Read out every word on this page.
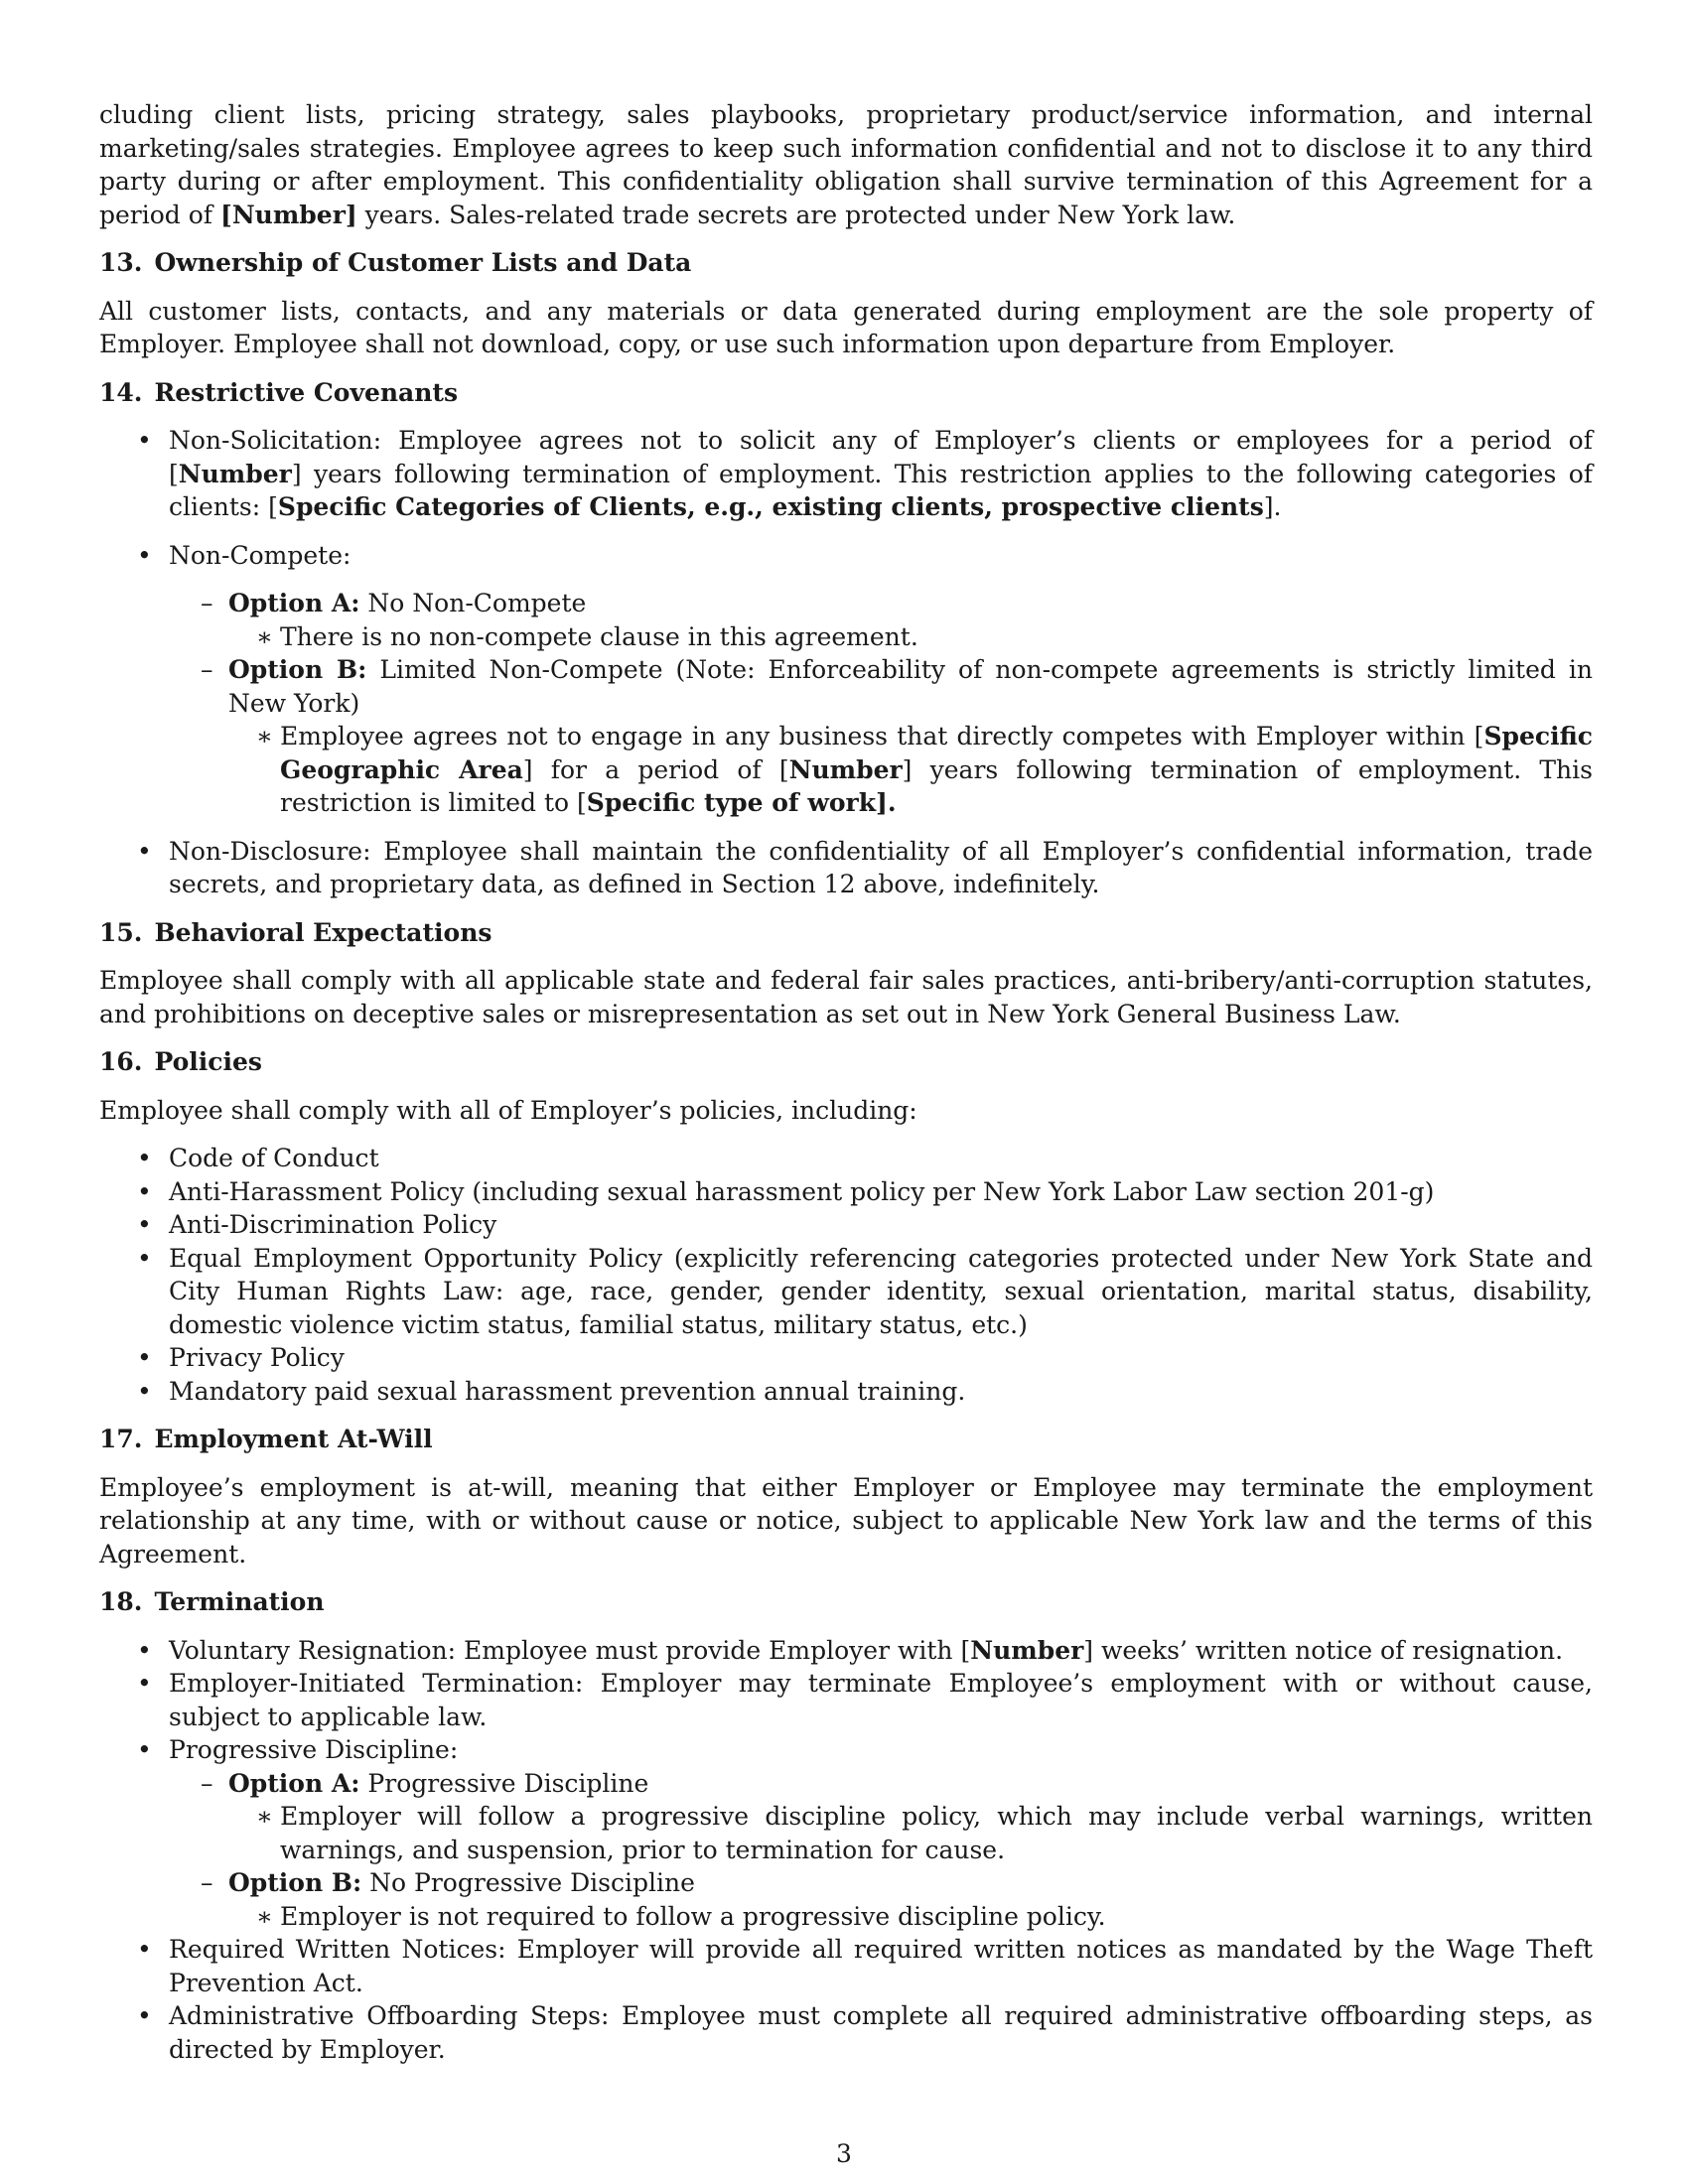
cluding client lists, pricing strategy, sales playbooks, proprietary product/service information, and internal marketing/sales strategies. Employee agrees to keep such information confidential and not to disclose it to any third party during or after employment. This confidentiality obligation shall survive termination of this Agreement for a period of [Number] years. Sales-related trade secrets are protected under New York law.

13. Ownership of Customer Lists and Data

All customer lists, contacts, and any materials or data generated during employment are the sole property of Employer. Employee shall not download, copy, or use such information upon departure from Employer.

14. Restrictive Covenants
• Non-Solicitation: Employee agrees not to solicit any of Employer’s clients or employees for a period of [Number] years following termination of employment. This restriction applies to the following categories of clients: [Specific Categories of Clients, e.g., existing clients, prospective clients].
• Non-Compete:
– Option A: No Non-Compete
∗ There is no non-compete clause in this agreement.
– Option B: Limited Non-Compete (Note: Enforceability of non-compete agreements is strictly limited in New York)
∗ Employee agrees not to engage in any business that directly competes with Employer within [Specific Geographic Area] for a period of [Number] years following termination of employment. This restriction is limited to [Specific type of work].
• Non-Disclosure: Employee shall maintain the confidentiality of all Employer’s confidential information, trade secrets, and proprietary data, as defined in Section 12 above, indefinitely.
15. Behavioral Expectations

Employee shall comply with all applicable state and federal fair sales practices, anti-bribery/anti-corruption statutes, and prohibitions on deceptive sales or misrepresentation as set out in New York General Business Law.

16. Policies

Employee shall comply with all of Employer’s policies, including:

• Code of Conduct
• Anti-Harassment Policy (including sexual harassment policy per New York Labor Law section 201-g)
• Anti-Discrimination Policy
• Equal Employment Opportunity Policy (explicitly referencing categories protected under New York State and City Human Rights Law: age, race, gender, gender identity, sexual orientation, marital status, disability, domestic violence victim status, familial status, military status, etc.)
• Privacy Policy
• Mandatory paid sexual harassment prevention annual training.
17. Employment At-Will

Employee’s employment is at-will, meaning that either Employer or Employee may terminate the employment relationship at any time, with or without cause or notice, subject to applicable New York law and the terms of this Agreement.

18. Termination
• Voluntary Resignation: Employee must provide Employer with [Number] weeks’ written notice of resignation.
• Employer-Initiated Termination: Employer may terminate Employee’s employment with or without cause, subject to applicable law.
• Progressive Discipline:
– Option A: Progressive Discipline
∗ Employer will follow a progressive discipline policy, which may include verbal warnings, written warnings, and suspension, prior to termination for cause.
– Option B: No Progressive Discipline
∗ Employer is not required to follow a progressive discipline policy.
• Required Written Notices: Employer will provide all required written notices as mandated by the Wage Theft Prevention Act.
• Administrative Offboarding Steps: Employee must complete all required administrative offboarding steps, as directed by Employer.
3
